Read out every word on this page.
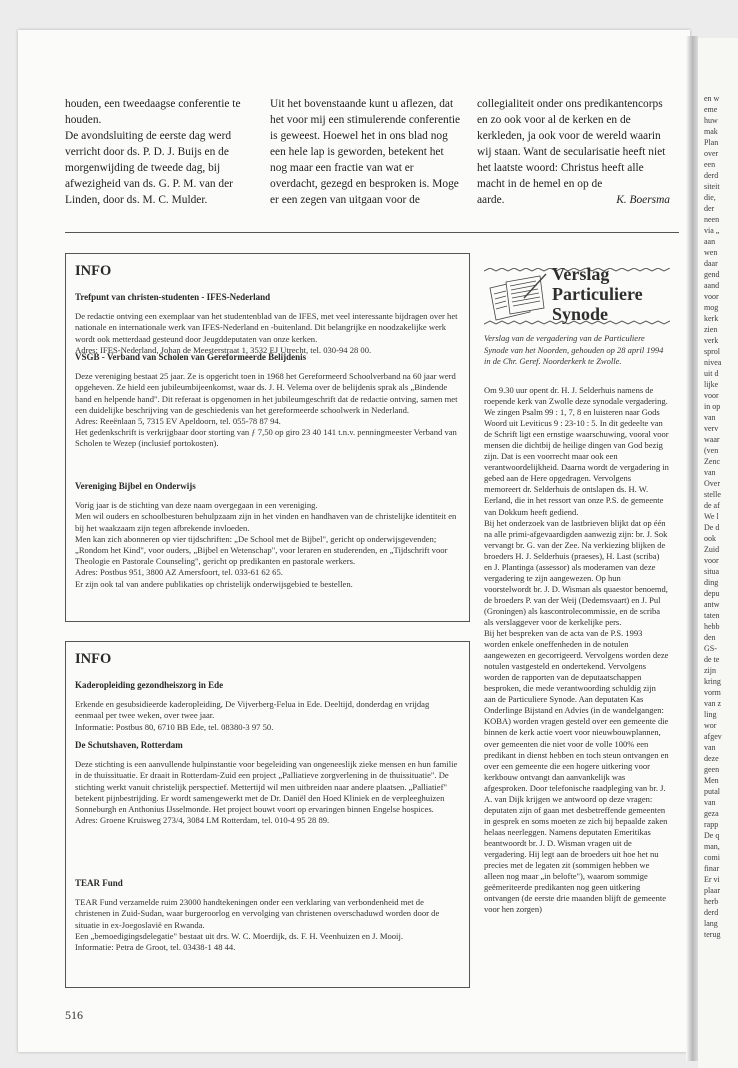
en w
eme
huw
mak
Plan
over
een
derd
siteit
die,
der
neen
via „
aan
wen
daar
gend
aand
voor
mog
kerk
zien
verk
sprol
nivea
uit d
lijke
voor
in op
van
verv
waar
(ven
Zenc
van
Over
stelle
de af
We l
De d
ook
Zuid
voor
situa
ding
depu
antw
taten
hebb
den
GS-
de te
zijn
kring
vorm
van z
ling
wor
afgev
van
deze
geen
Men
putal
van
geza
rapp
De q
man,
comi
finar
Er vi
plaar
herb
derd
lang
terug

houden, een tweedaagse conferentie te houden.
De avondsluiting de eerste dag werd verricht door ds. P. D. J. Buijs en de morgenwijding de tweede dag, bij afwezigheid van ds. G. P. M. van der Linden, door ds. M. C. Mulder.

Uit het bovenstaande kunt u aflezen, dat het voor mij een stimulerende conferentie is geweest. Hoewel het in ons blad nog een hele lap is geworden, betekent het nog maar een fractie van wat er overdacht, gezegd en besproken is. Moge er een zegen van uitgaan voor de

collegialiteit onder ons predikantencorps en zo ook voor al de kerken en de kerkleden, ja ook voor de wereld waarin wij staan. Want de secularisatie heeft niet het laatste woord: Christus heeft alle macht in de hemel en op de

aarde.	K. Boersma
INFO
Trefpunt van christen-studenten - IFES-Nederland

De redactie ontving een exemplaar van het studentenblad van de IFES, met veel interessante bijdragen over het nationale en internationale werk van IFES-Nederland en -buitenland. Dit belangrijke en noodzakelijke werk wordt ook metterdaad gesteund door Jeugddeputaten van onze kerken.
Adres: IFES-Nederland, Johan de Meesterstraat 1, 3532 EJ Utrecht, tel. 030-94 28 00.

VSGB - Verband van Scholen van Gereformeerde Belijdenis

Deze vereniging bestaat 25 jaar. Ze is opgericht toen in 1968 het Gereformeerd Schoolverband na 60 jaar werd opgeheven. Ze hield een jubileumbijeenkomst, waar ds. J. H. Velema over de belijdenis sprak als „Bindende band en helpende hand". Dit referaat is opgenomen in het jubileumgeschrift dat de redactie ontving, samen met een duidelijke beschrijving van de geschiedenis van het gereformeerde schoolwerk in Nederland.
Adres: Reeënlaan 5, 7315 EV Apeldoorn, tel. 055-78 87 94.
Het gedenkschrift is verkrijgbaar door storting van ƒ 7,50 op giro 23 40 141 t.n.v. penningmeester Verband van Scholen te Wezep (inclusief portokosten).

Vereniging Bijbel en Onderwijs

Vorig jaar is de stichting van deze naam overgegaan in een vereniging.
Men wil ouders en schoolbesturen behulpzaam zijn in het vinden en handhaven van de christelijke identiteit en bij het waakzaam zijn tegen afbrekende invloeden.
Men kan zich abonneren op vier tijdschriften: „De School met de Bijbel", gericht op onderwijsgevenden; „Rondom het Kind", voor ouders, „Bijbel en Wetenschap", voor leraren en studerenden, en „Tijdschrift voor Theologie en Pastorale Counseling", gericht op predikanten en pastorale werkers.
Adres: Postbus 951, 3800 AZ Amersfoort, tel. 033-61 62 65.
Er zijn ook tal van andere publikaties op christelijk onderwijsgebied te bestellen.

INFO
Kaderopleiding gezondheiszorg in Ede

Erkende en gesubsidieerde kaderopleiding, De Vijverberg-Felua in Ede. Deeltijd, donderdag en vrijdag eenmaal per twee weken, over twee jaar.
Informatie: Postbus 80, 6710 BB Ede, tel. 08380-3 97 50.

De Schutshaven, Rotterdam

Deze stichting is een aanvullende hulpinstantie voor begeleiding van ongeneeslijk zieke mensen en hun familie in de thuissituatie. Er draait in Rotterdam-Zuid een project „Palliatieve zorgverlening in de thuissituatie". De stichting werkt vanuit christelijk perspectief. Mettertijd wil men uitbreiden naar andere plaatsen. „Palliatief" betekent pijnbestrijding. Er wordt samengewerkt met de Dr. Daniël den Hoed Kliniek en de verpleeghuizen Sonneburgh en Anthonius IJsselmonde. Het project bouwt voort op ervaringen binnen Engelse hospices.
Adres: Groene Kruisweg 273/4, 3084 LM Rotterdam, tel. 010-4 95 28 89.

TEAR Fund

TEAR Fund verzamelde ruim 23000 handtekeningen onder een verklaring van verbondenheid met de christenen in Zuid-Sudan, waar burgeroorlog en vervolging van christenen overschaduwd worden door de situatie in ex-Joegoslavië en Rwanda.
Een „bemoedigingsdelegatie" bestaat uit drs. W. C. Moerdijk, ds. F. H. Veenhuizen en J. Mooij.
Informatie: Petra de Groot, tel. 03438-1 48 44.

Verslag
Particuliere
Synode
Verslag van de vergadering van de Particuliere Synode van het Noorden, gehouden op 28 april 1994 in de Chr. Geref. Noorderkerk te Zwolle.

Om 9.30 uur opent dr. H. J. Selderhuis namens de roepende kerk van Zwolle deze synodale vergadering. We zingen Psalm 99 : 1, 7, 8 en luisteren naar Gods Woord uit Leviticus 9 : 23-10 : 5. In dit gedeelte van de Schrift ligt een ernstige waarschuwing, vooral voor mensen die dichtbij de heilige dingen van God bezig zijn. Dat is een voorrecht maar ook een verantwoordelijkheid. Daarna wordt de vergadering in gebed aan de Here opgedragen. Vervolgens memoreert dr. Selderhuis de ontslapen ds. H. W. Eerland, die in het ressort van onze P.S. de gemeente van Dokkum heeft gediend.

Bij het onderzoek van de lastbrieven blijkt dat op één na alle primi-afgevaardigden aanwezig zijn: br. J. Sok vervangt br. G. van der Zee. Na verkiezing blijken de broeders H. J. Selderhuis (praeses), H. Last (scriba) en J. Plantinga (assessor) als moderamen van deze vergadering te zijn aangewezen. Op hun voorstelwordt br. J. D. Wisman als quaestor benoemd, de broeders P. van der Weij (Dedemsvaart) en J. Pul (Groningen) als kascontrolecommissie, en de scriba als verslaggever voor de kerkelijke pers.

Bij het bespreken van de acta van de P.S. 1993 worden enkele oneffenheden in de notulen aangewezen en gecorrigeerd. Vervolgens worden deze notulen vastgesteld en ondertekend. Vervolgens worden de rapporten van de deputaatschappen besproken, die mede verantwoording schuldig zijn aan de Particuliere Synode. Aan deputaten Kas Onderlinge Bijstand en Advies (in de wandelgangen: KOBA) worden vragen gesteld over een gemeente die binnen de kerk actie voert voor nieuwbouwplannen, over gemeenten die niet voor de volle 100% een predikant in dienst hebben en toch steun ontvangen en over een gemeente die een hogere uitkering voor kerkbouw ontvangt dan aanvankelijk was afgesproken. Door telefonische raadpleging van br. J. A. van Dijk krijgen we antwoord op deze vragen: deputaten zijn of gaan met desbetreffende gemeenten in gesprek en soms moeten ze zich bij bepaalde zaken helaas neerleggen. Namens deputaten Emeritikas beantwoordt br. J. D. Wisman vragen uit de vergadering. Hij legt aan de broeders uit hoe het nu precies met de legaten zit (sommigen hebben we alleen nog maar „in belofte"), waarom sommige geëmeriteerde predikanten nog geen uitkering ontvangen (de eerste drie maanden blijft de gemeente voor hen zorgen)

516
